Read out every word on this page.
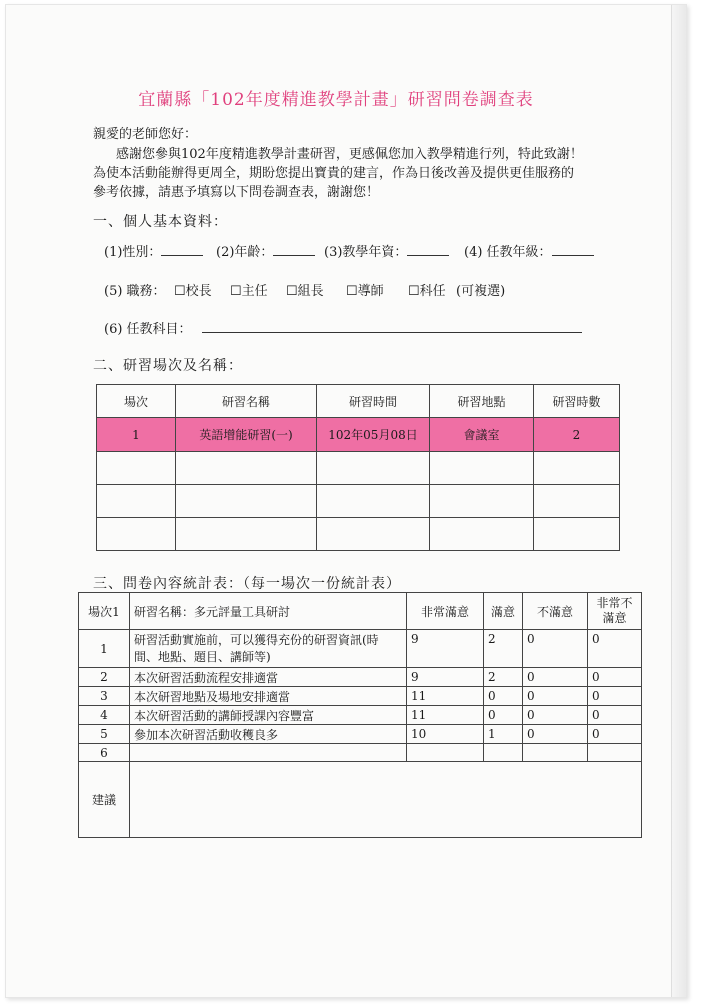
宜蘭縣「102年度精進教學計畫」研習問卷調查表
親愛的老師您好：
感謝您參與102年度精進教學計畫研習，更感佩您加入教學精進行列，特此致謝！
為使本活動能辦得更周全，期盼您提出寶貴的建言，作為日後改善及提供更佳服務的
參考依據，請惠予填寫以下問卷調查表，謝謝您！
一、個人基本資料：
(1)性別：	(2)年齡：	(3)教學年資：	(4) 任教年級：
(5) 職務： ☐校長 ☐主任 ☐組長 ☐導師 ☐科任 (可複選)
(6) 任教科目：
二、研習場次及名稱：
場次	研習名稱	研習時間	研習地點	研習時數
1	英語增能研習(一)	102年05月08日	會議室	2

三、問卷內容統計表：（每一場次一份統計表）
場次1	研習名稱：多元評量工具研討	非常滿意	滿意	不滿意	非常不滿意
1	研習活動實施前，可以獲得充份的研習資訊(時間、地點、題目、講師等)	9	2	0	0
2	本次研習活動流程安排適當	9	2	0	0
3	本次研習地點及場地安排適當	11	0	0	0
4	本次研習活動的講師授課內容豐富	11	0	0	0
5	參加本次研習活動收穫良多	10	1	0	0
6					
建議					
